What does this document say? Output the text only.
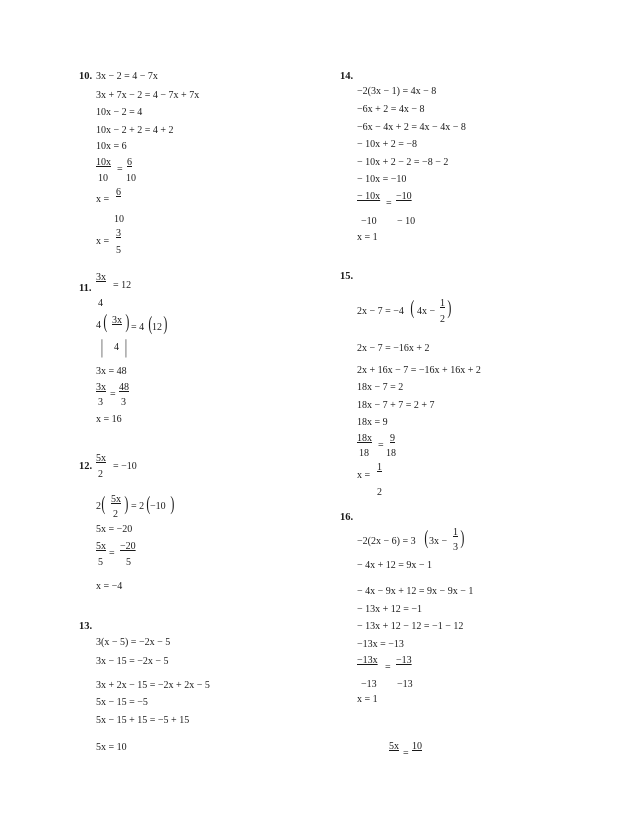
10. 3x − 2 = 4 − 7x
3x + 7x − 2 = 4 − 7x + 7x
10x − 2 = 4
10x − 2 + 2 = 4 + 2
10x = 6
10x
=
6
10 10
x =
6
10
x =
3
5
3x
= 12
11.
4
4 ( 3x ) = 4 ( 12 )
| 4 |
3x = 48
3x
=
48
3 3
x = 16
5x
= −10
12.
2
2 ( 5x
2 ) = 2 ( −10 )
5x = −20
5x
=
−20
5 5
x = −4
13.
3(x − 5) = −2x − 5
3x − 15 = −2x − 5
3x + 2x − 15 = −2x + 2x − 5
5x − 15 = −5
5x − 15 + 15 = −5 + 15
5x = 10
14.
−2(3x − 1) = 4x − 8
−6x + 2 = 4x − 8
−6x − 4x + 2 = 4x − 4x − 8
− 10x + 2 = −8
− 10x + 2 − 2 = −8 − 2
− 10x = −10
− 10x
=
−10
−10 − 10
x = 1
15.
2x − 7 = −4 ( 4x −
1
2
)
2x − 7 = −16x + 2
2x + 16x − 7 = −16x + 16x + 2
18x − 7 = 2
18x − 7 + 7 = 2 + 7
18x = 9
18x
=
9
18 18
x =
1
2
16.
−2(2x − 6) = 3 ( 3x −
1
3 )
− 4x + 12 = 9x − 1
− 4x − 9x + 12 = 9x − 9x − 1
− 13x + 12 = −1
− 13x + 12 − 12 = −1 − 12
−13x = −13
−13x
=
−13
−13 −13
x = 1
5x
=
10
